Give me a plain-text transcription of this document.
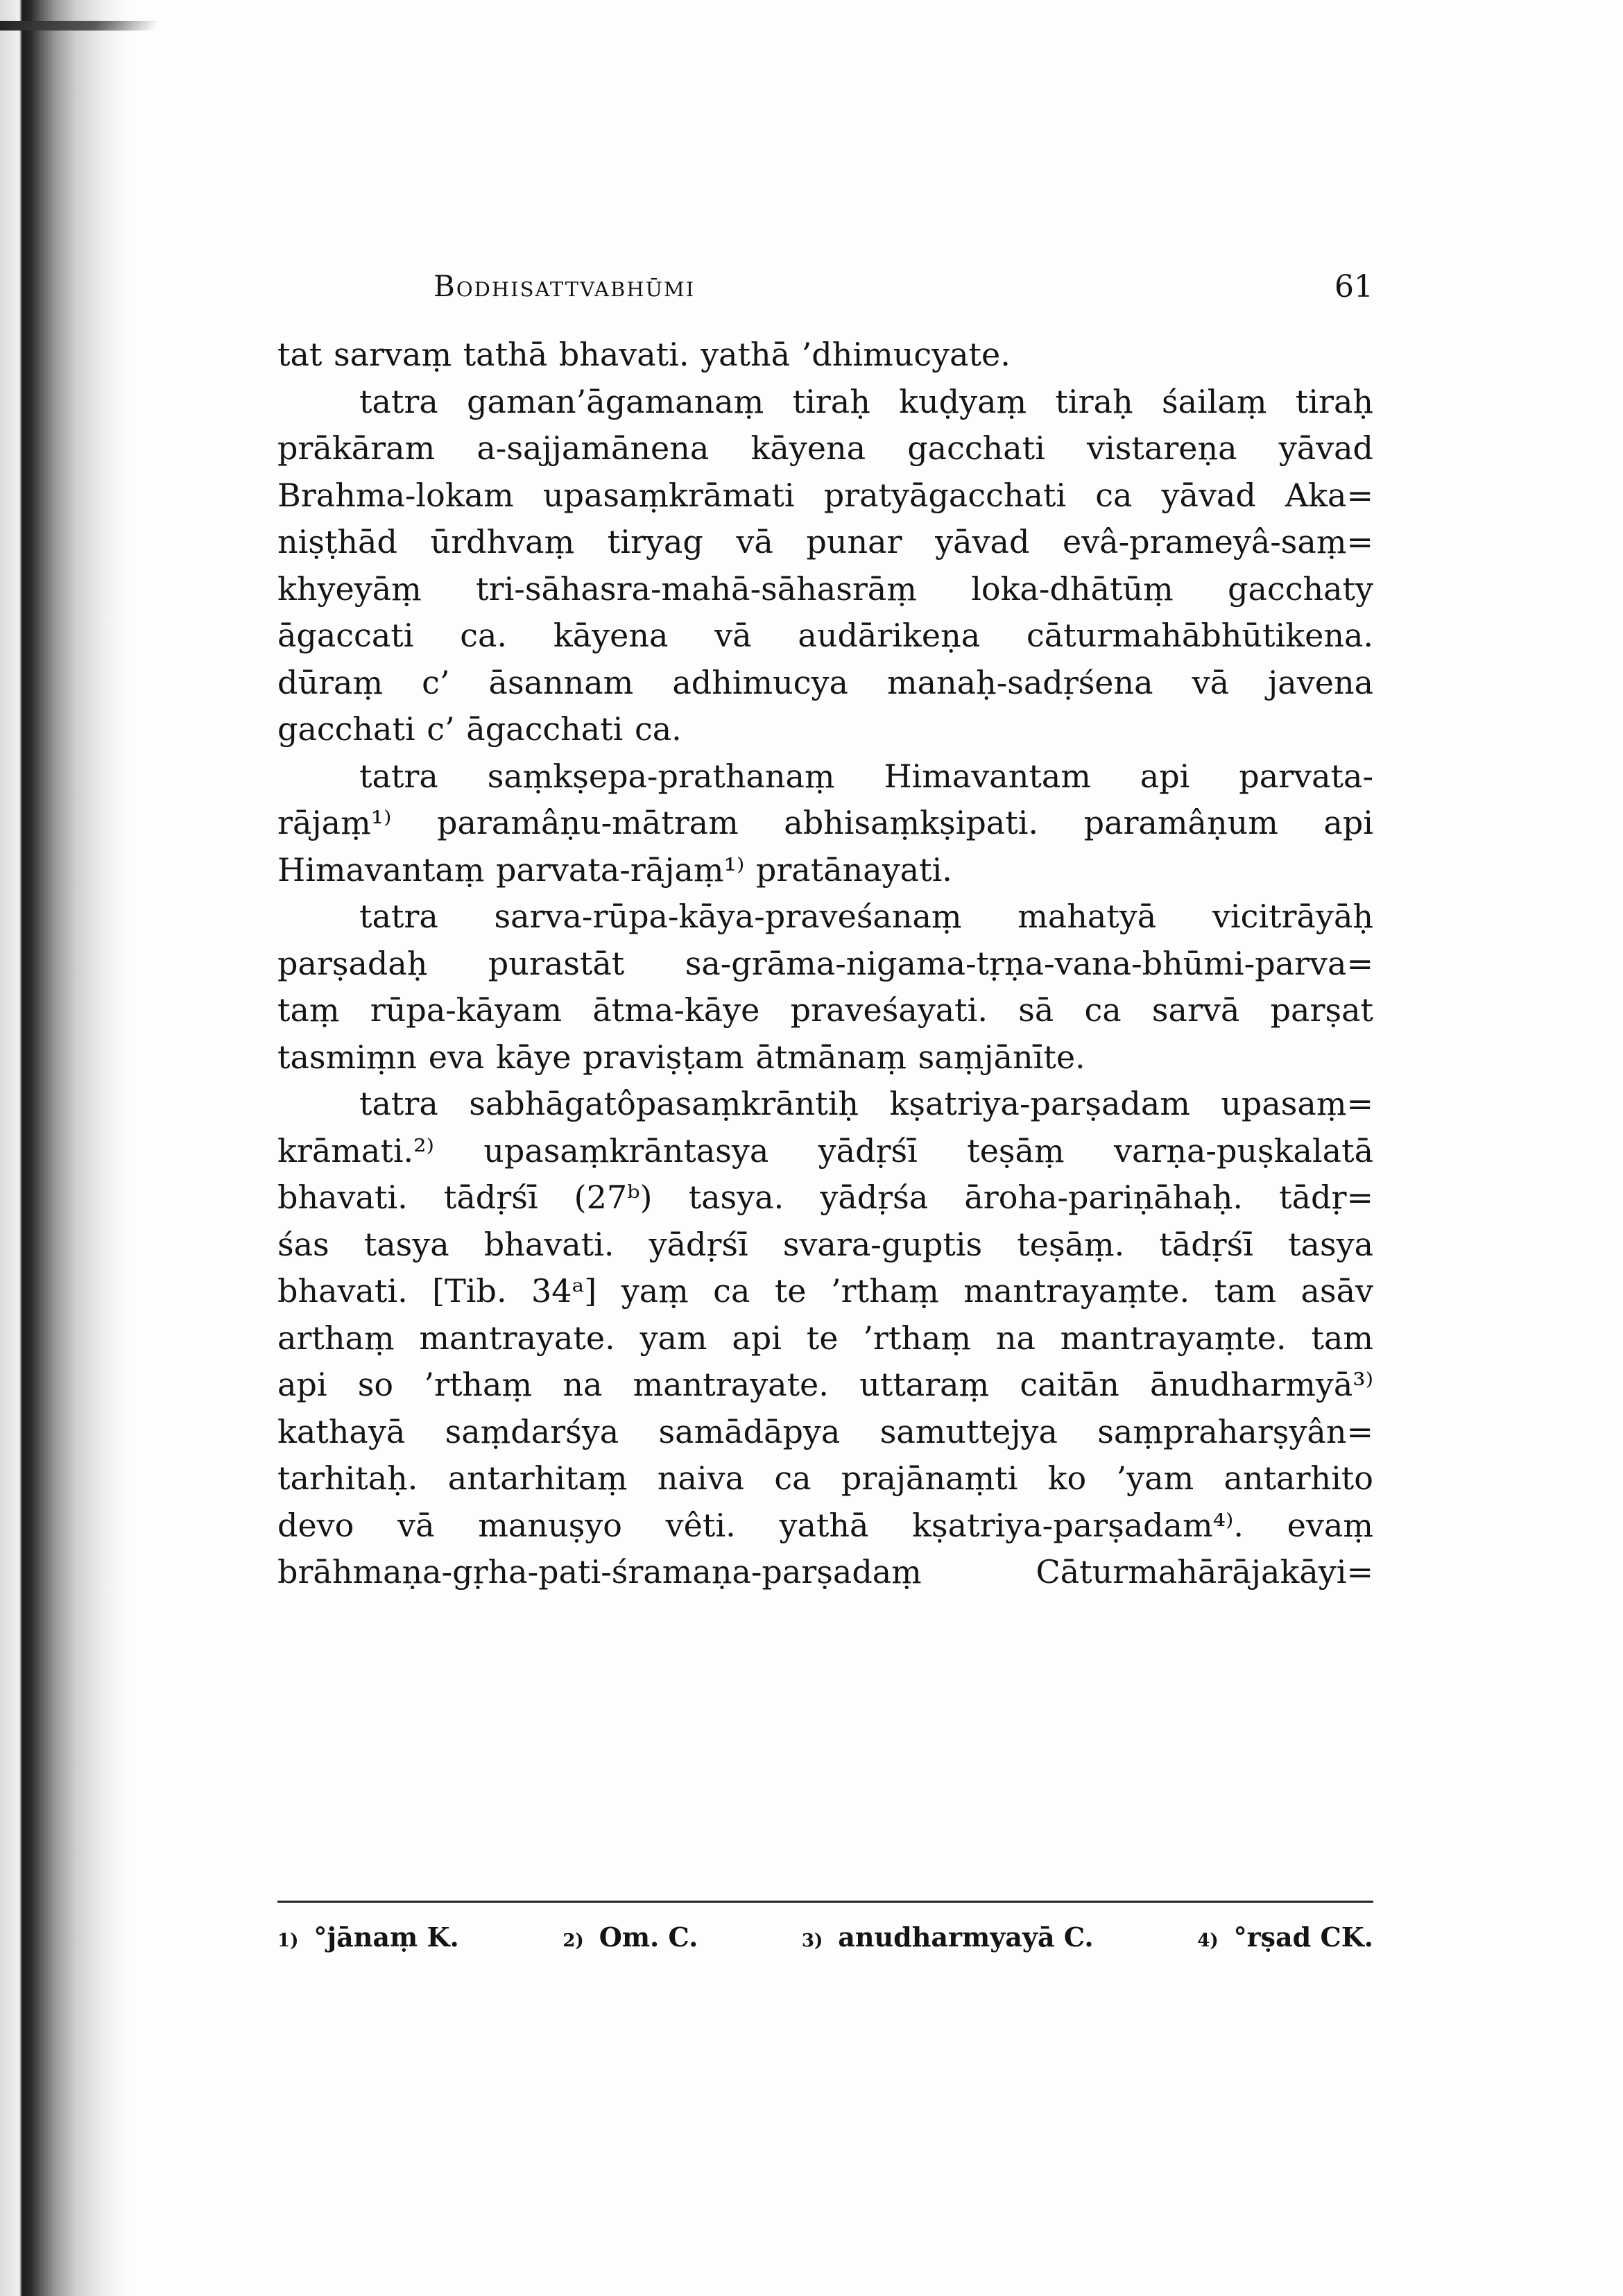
Bodhisattvabhūmi	61
tat sarvaṃ tathā bhavati. yathā ’dhimucyate.
tatra gaman’āgamanaṃ tiraḥ kuḍyaṃ tiraḥ śailaṃ tiraḥ
prākāram a-sajjamānena kāyena gacchati vistareṇa yāvad
Brahma-lokam upasaṃkrāmati pratyāgacchati ca yāvad Aka=
niṣṭhād ūrdhvaṃ tiryag vā punar yāvad evâ-prameyâ-saṃ=
khyeyāṃ tri-sāhasra-mahā-sāhasrāṃ loka-dhātūṃ gacchaty
āgaccati ca. kāyena vā audārikeṇa cāturmahābhūtikena.
dūraṃ c’ āsannam adhimucya manaḥ-sadṛśena vā javena
gacchati c’ āgacchati ca.
tatra saṃkṣepa-prathanaṃ Himavantam api parvata-
rājaṃ¹⁾ paramâṇu-mātram abhisaṃkṣipati. paramâṇum api
Himavantaṃ parvata-rājaṃ¹⁾ pratānayati.
tatra sarva-rūpa-kāya-praveśanaṃ mahatyā vicitrāyāḥ
parṣadaḥ purastāt sa-grāma-nigama-tṛṇa-vana-bhūmi-parva=
taṃ rūpa-kāyam ātma-kāye praveśayati. sā ca sarvā parṣat
tasmiṃn eva kāye praviṣṭam ātmānaṃ saṃjānīte.
tatra sabhāgatôpasaṃkrāntiḥ kṣatriya-parṣadam upasaṃ=
krāmati.²⁾ upasaṃkrāntasya yādṛśī teṣāṃ varṇa-puṣkalatā
bhavati. tādṛśī (27ᵇ) tasya. yādṛśa āroha-pariṇāhaḥ. tādṛ=
śas tasya bhavati. yādṛśī svara-guptis teṣāṃ. tādṛśī tasya
bhavati. [Tib. 34ᵃ] yaṃ ca te ’rthaṃ mantrayaṃte. tam asāv
arthaṃ mantrayate. yam api te ’rthaṃ na mantrayaṃte. tam
api so ’rthaṃ na mantrayate. uttaraṃ caitān ānudharmyā³⁾
kathayā saṃdarśya samādāpya samuttejya saṃpraharṣyân=
tarhitaḥ. antarhitaṃ naiva ca prajānaṃti ko ’yam antarhito
devo vā manuṣyo vêti. yathā kṣatriya-parṣadam⁴⁾. evaṃ
brāhmaṇa-gṛha-pati-śramaṇa-parṣadaṃ Cāturmahārājakāyi=
1) °jānaṃ K.	2) Om. C.	3) anudharmyayā C.	4) °rṣad CK.
